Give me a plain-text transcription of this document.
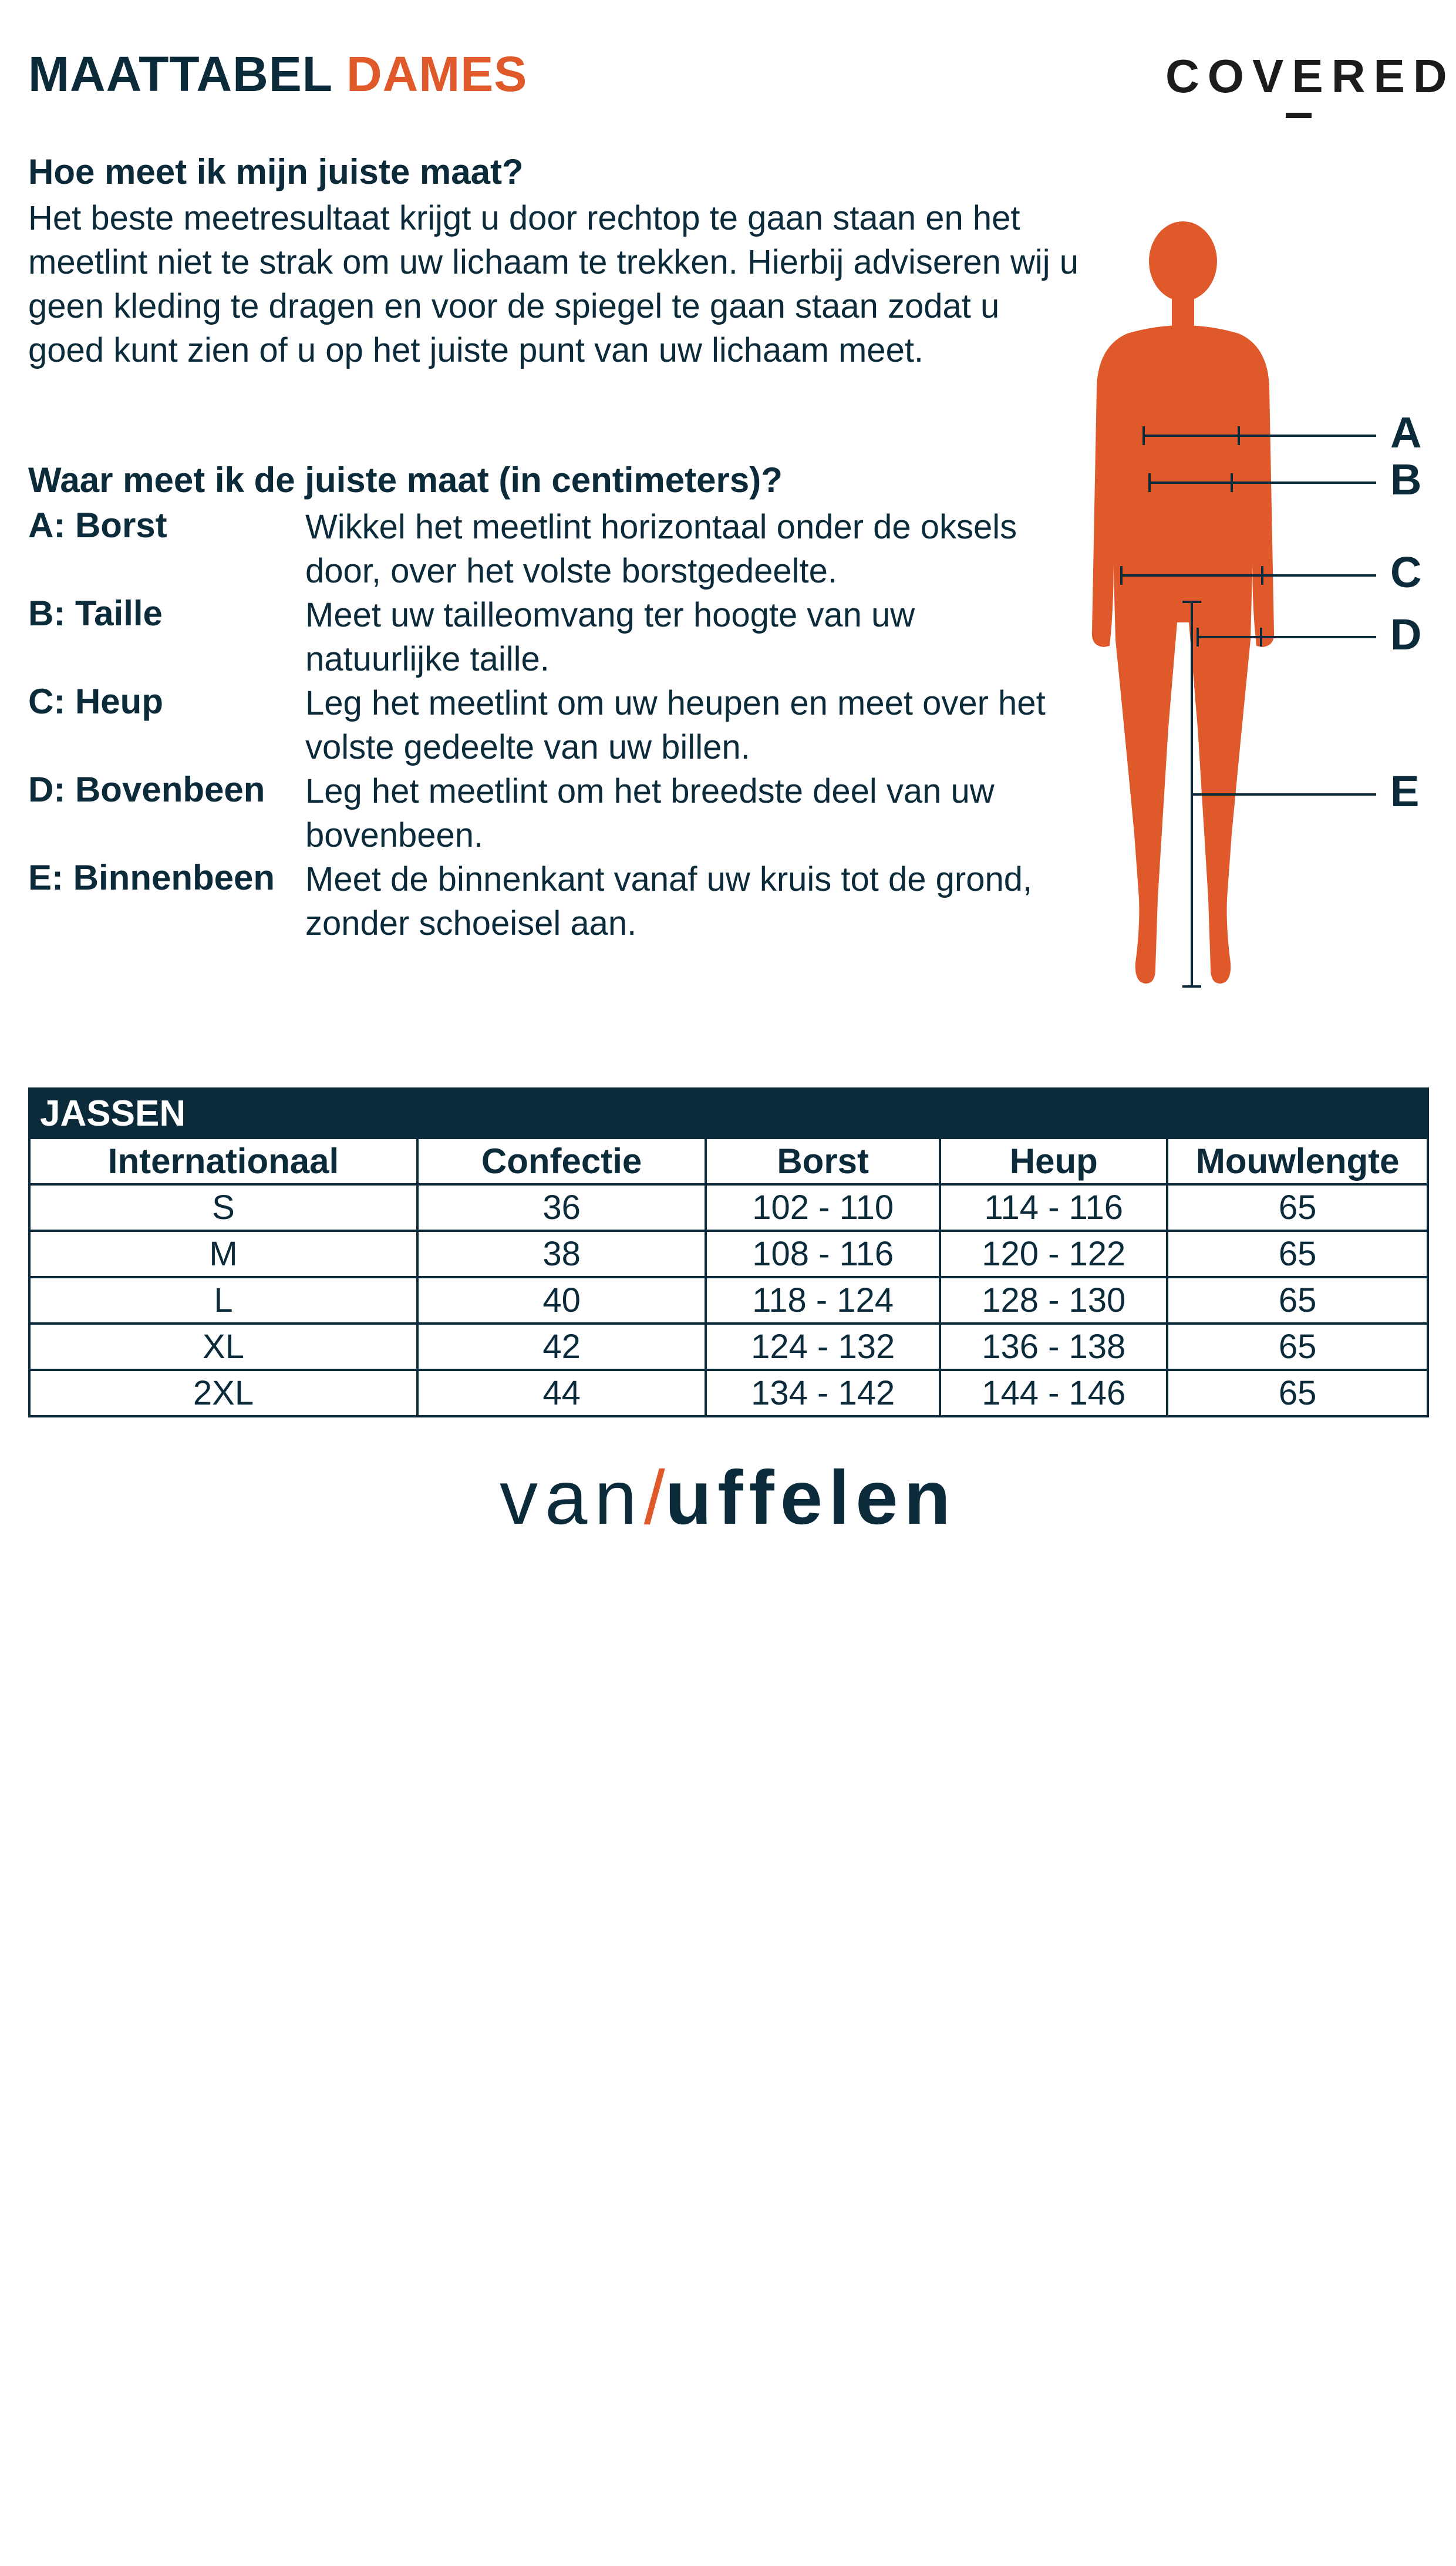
MAATTABEL DAMES	COVERED
Hoe meet ik mijn juiste maat?
Het beste meetresultaat krijgt u door rechtop te gaan staan en het meetlint niet te strak om uw lichaam te trekken. Hierbij adviseren wij u geen kleding te dragen en voor de spiegel te gaan staan zodat u goed kunt zien of u op het juiste punt van uw lichaam meet.
Waar meet ik de juiste maat (in centimeters)?
A: Borst	Wikkel het meetlint horizontaal onder de oksels door, over het volste borstgedeelte.
B: Taille	Meet uw tailleomvang ter hoogte van uw natuurlijke taille.
C: Heup	Leg het meetlint om uw heupen en meet over het volste gedeelte van uw billen.
D: Bovenbeen Leg het meetlint om het breedste deel van uw bovenbeen.
E: Binnenbeen Meet de binnenkant vanaf uw kruis tot de grond, zonder schoeisel aan.
A
B
C
D
E
JASSEN				
Internationaal	Confectie	Borst	Heup	Mouwlengte
S	36	102 - 110	114 - 116	65
M	38	108 - 116	120 - 122	65
L	40	118 - 124	128 - 130	65
XL	42	124 - 132	136 - 138	65
2XL	44	134 - 142	144 - 146	65
van/uffelen
